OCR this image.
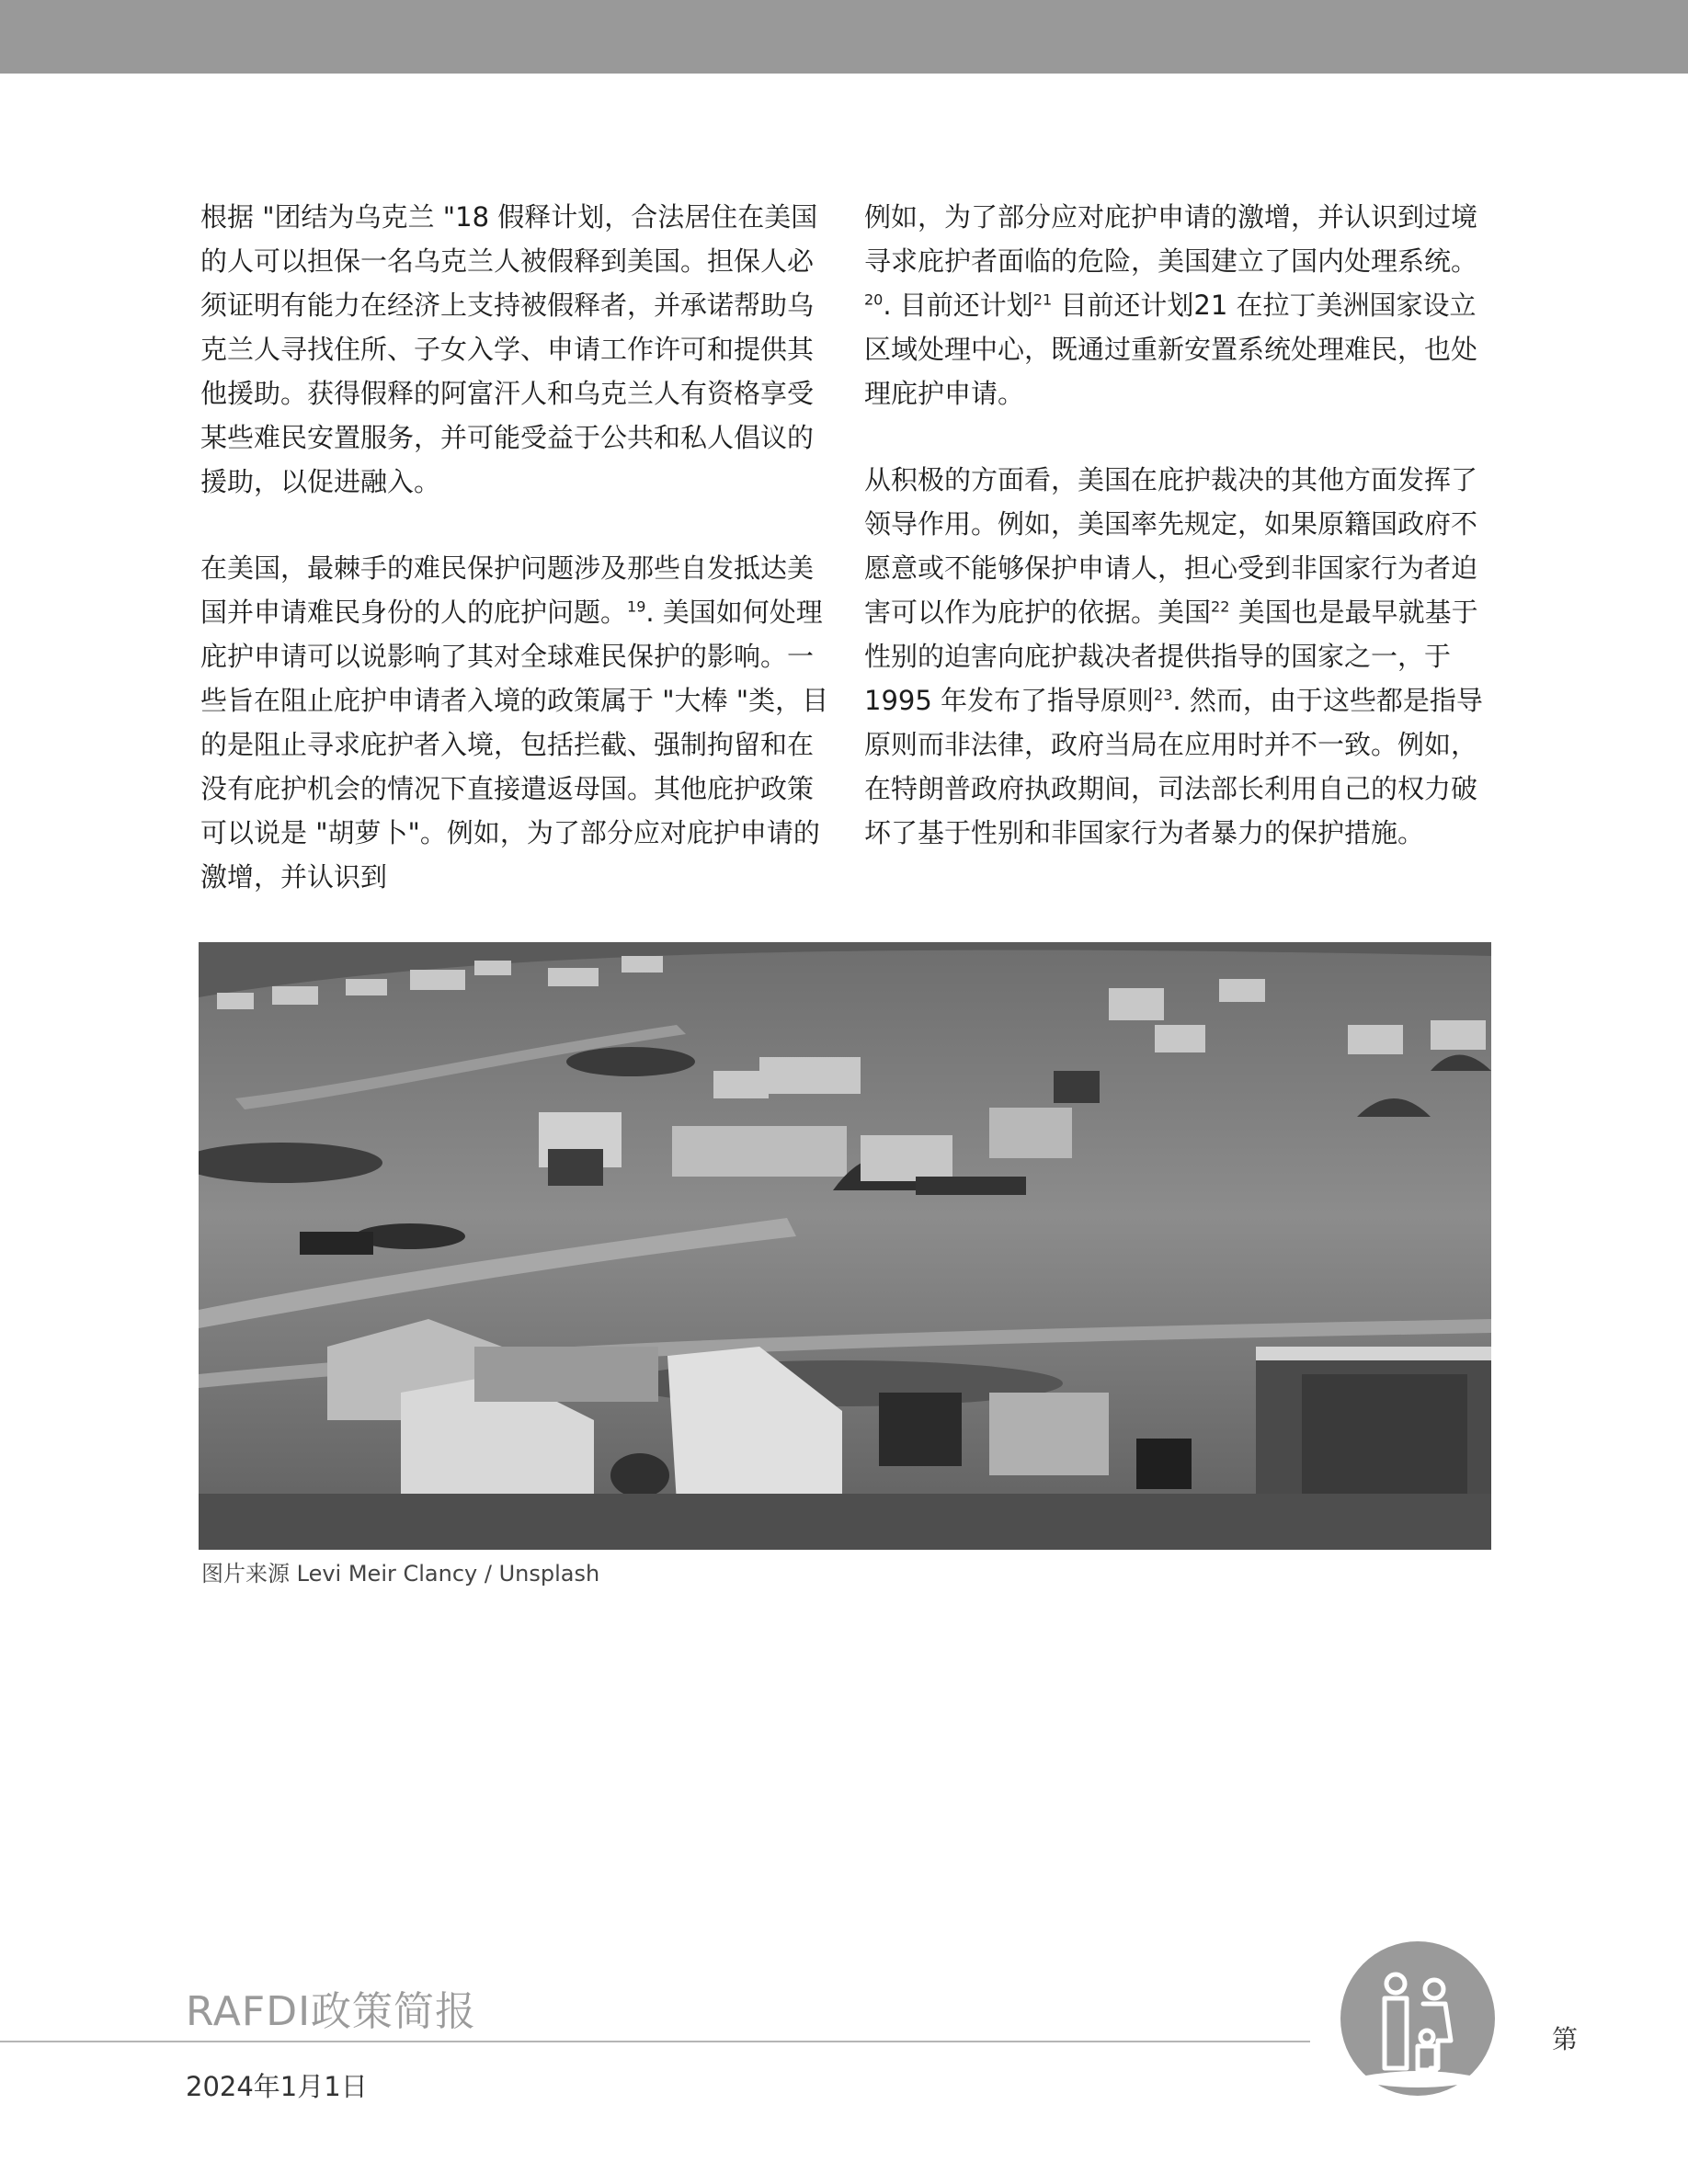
根据 "团结为乌克兰 "18 假释计划，合法居住在美国的人可以担保一名乌克兰人被假释到美国。担保人必须证明有能力在经济上支持被假释者，并承诺帮助乌克兰人寻找住所、子女入学、申请工作许可和提供其他援助。获得假释的阿富汗人和乌克兰人有资格享受某些难民安置服务，并可能受益于公共和私人倡议的援助，以促进融入。

在美国，最棘手的难民保护问题涉及那些自发抵达美国并申请难民身份的人的庇护问题。$^{19}$. 美国如何处理庇护申请可以说影响了其对全球难民保护的影响。一些旨在阻止庇护申请者入境的政策属于 "大棒 "类，目的是阻止寻求庇护者入境，包括拦截、强制拘留和在没有庇护机会的情况下直接遣返母国。其他庇护政策可以说是 "胡萝卜"。例如，为了部分应对庇护申请的激增，并认识到

例如，为了部分应对庇护申请的激增，并认识到过境寻求庇护者面临的危险，美国建立了国内处理系统。$^{20}$. 目前还计划$^{21}$ 目前还计划21 在拉丁美洲国家设立区域处理中心，既通过重新安置系统处理难民，也处理庇护申请。

从积极的方面看，美国在庇护裁决的其他方面发挥了领导作用。例如，美国率先规定，如果原籍国政府不愿意或不能够保护申请人，担心受到非国家行为者迫害可以作为庇护的依据。美国$^{22}$ 美国也是最早就基于性别的迫害向庇护裁决者提供指导的国家之一，于 1995 年发布了指导原则$^{23}$. 然而，由于这些都是指导原则而非法律，政府当局在应用时并不一致。例如，在特朗普政府执政期间，司法部长利用自己的权力破坏了基于性别和非国家行为者暴力的保护措施。

图片来源 Levi Meir Clancy / Unsplash
RAFDI政策简报
2024年1月1日
第
